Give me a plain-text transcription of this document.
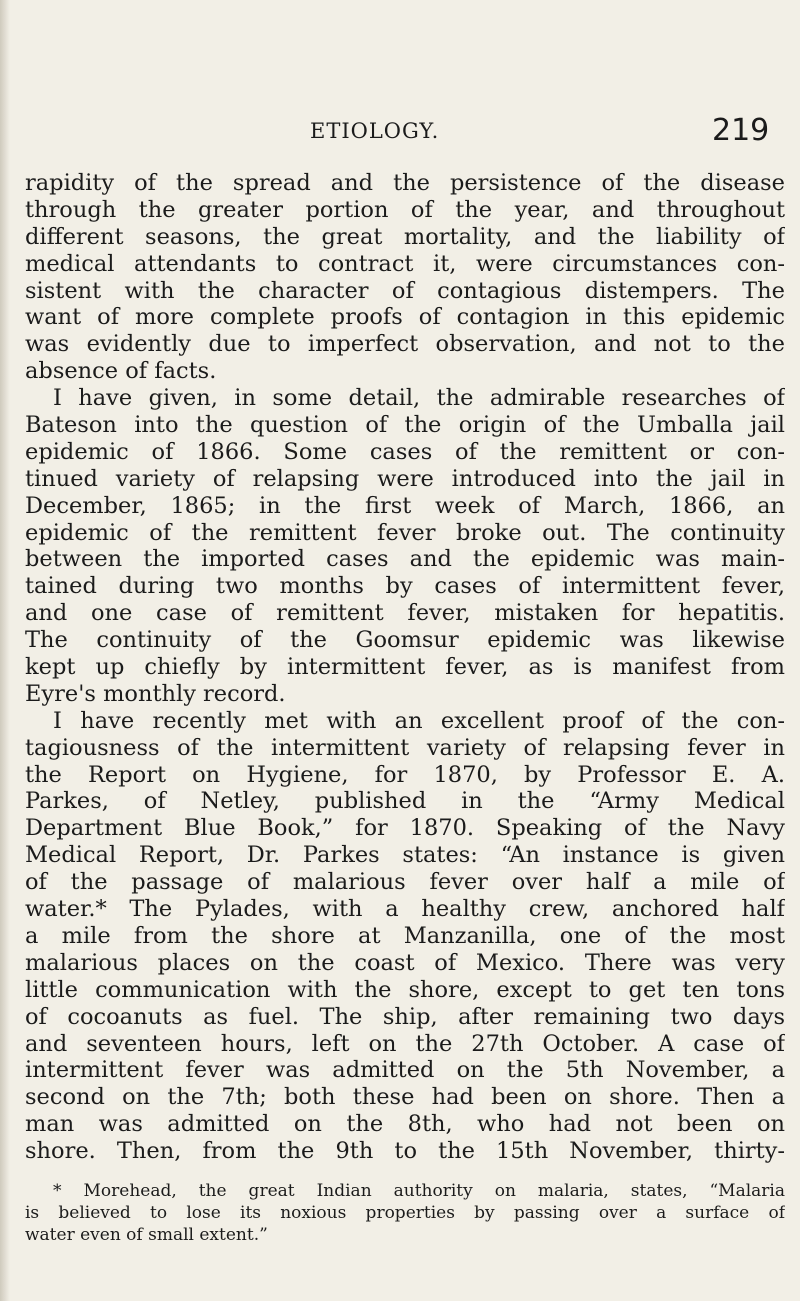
ETIOLOGY.	219
rapidity of the spread and the persistence of the disease
through the greater portion of the year, and throughout
different seasons, the great mortality, and the liability of
medical attendants to contract it, were circumstances con-
sistent with the character of contagious distempers. The
want of more complete proofs of contagion in this epidemic
was evidently due to imperfect observation, and not to the
absence of facts.
I have given, in some detail, the admirable researches of
Bateson into the question of the origin of the Umballa jail
epidemic of 1866. Some cases of the remittent or con-
tinued variety of relapsing were introduced into the jail in
December, 1865; in the first week of March, 1866, an
epidemic of the remittent fever broke out. The continuity
between the imported cases and the epidemic was main-
tained during two months by cases of intermittent fever,
and one case of remittent fever, mistaken for hepatitis.
The continuity of the Goomsur epidemic was likewise
kept up chiefly by intermittent fever, as is manifest from
Eyre's monthly record.
I have recently met with an excellent proof of the con-
tagiousness of the intermittent variety of relapsing fever in
the Report on Hygiene, for 1870, by Professor E. A.
Parkes, of Netley, published in the “Army Medical
Department Blue Book,” for 1870. Speaking of the Navy
Medical Report, Dr. Parkes states: “An instance is given
of the passage of malarious fever over half a mile of
water.* The Pylades, with a healthy crew, anchored half
a mile from the shore at Manzanilla, one of the most
malarious places on the coast of Mexico. There was very
little communication with the shore, except to get ten tons
of cocoanuts as fuel. The ship, after remaining two days
and seventeen hours, left on the 27th October. A case of
intermittent fever was admitted on the 5th November, a
second on the 7th; both these had been on shore. Then a
man was admitted on the 8th, who had not been on
shore. Then, from the 9th to the 15th November, thirty-
* Morehead, the great Indian authority on malaria, states, “Malaria
is believed to lose its noxious properties by passing over a surface of
water even of small extent.”
